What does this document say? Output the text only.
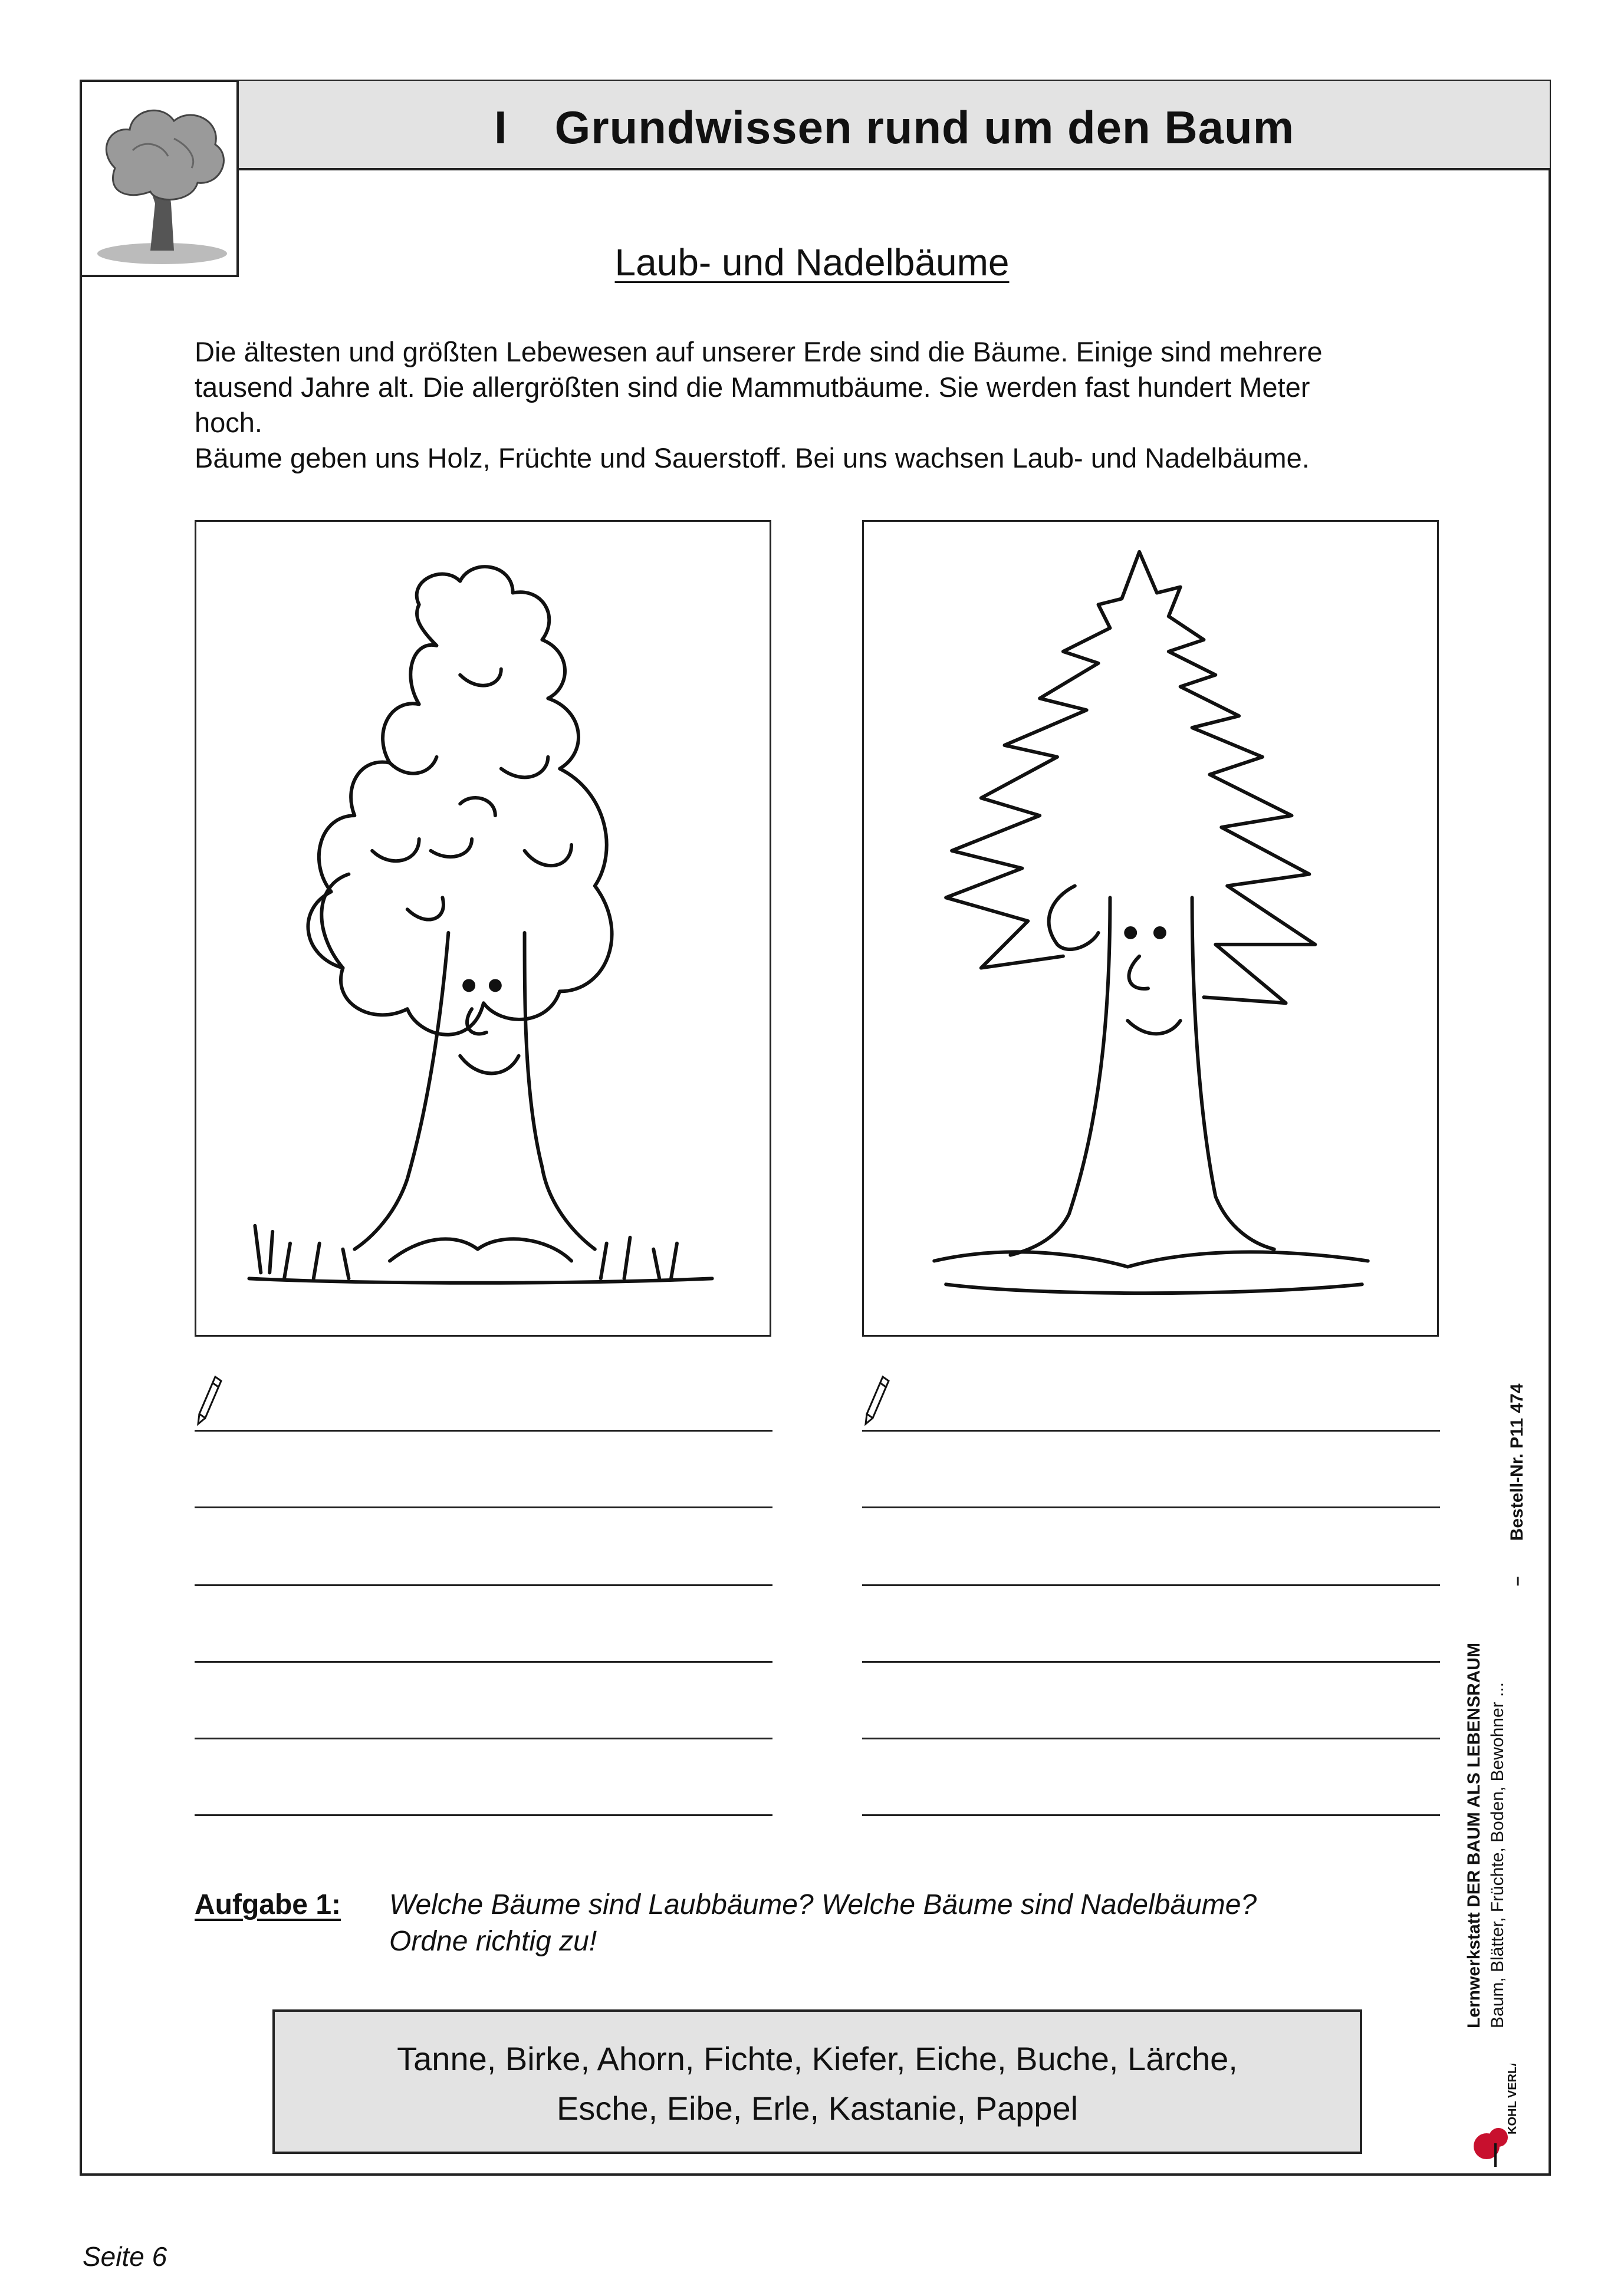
I Grundwissen rund um den Baum
Laub- und Nadelbäume

Die ältesten und größten Lebewesen auf unserer Erde sind die Bäume. Einige sind mehrere

tausend Jahre alt. Die allergrößten sind die Mammutbäume. Sie werden fast hundert Meter

hoch.

Bäume geben uns Holz, Früchte und Sauerstoff. Bei uns wachsen Laub- und Nadelbäume.

Aufgabe 1: Welche Bäume sind Laubbäume? Welche Bäume sind Nadelbäume?
Ordne richtig zu!
Tanne, Birke, Ahorn, Fichte, Kiefer, Eiche, Buche, Lärche,
Esche, Eibe, Erle, Kastanie, Pappel
–Bestell-Nr. P11 474
Lernwerkstatt DER BAUM ALS LEBENSRAUM Baum, Blätter, Früchte, Boden, Bewohner ...
KOHL VERLAG
Seite 6
